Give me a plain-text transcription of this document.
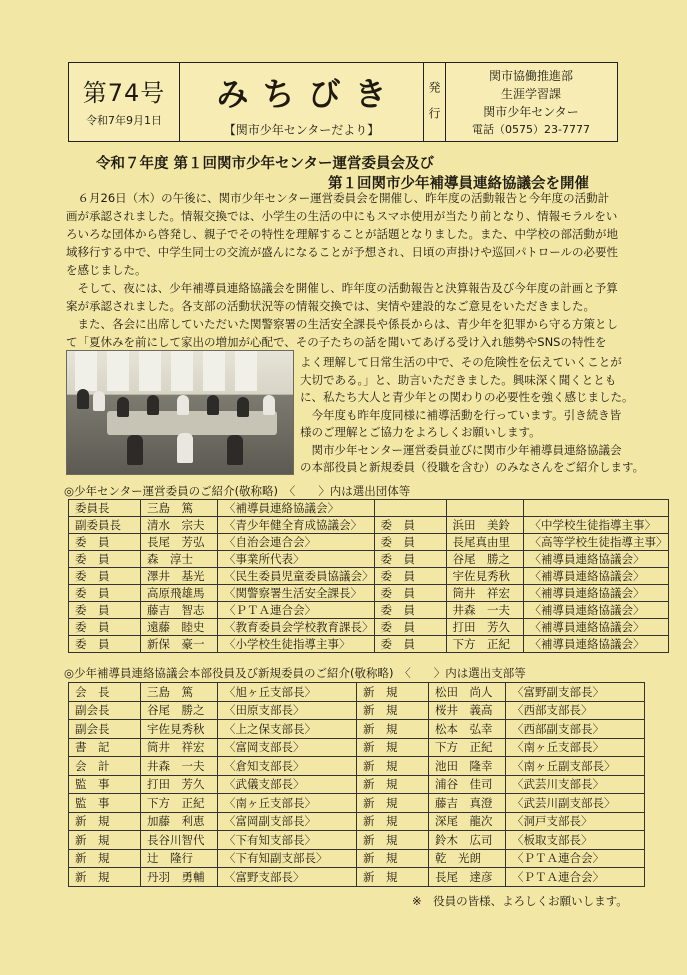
第74号
令和7年9月1日
みちびき
【関市少年センターだより】	発行
関市協働推進部
生涯学習課
関市少年センター
電話（0575）23-7777
令和７年度 第１回関市少年センター運営委員会及び
第１回関市少年補導員連絡協議会を開催
　６月26日（木）の午後に、関市少年センター運営委員会を開催し、昨年度の活動報告と今年度の活動計
画が承認されました。情報交換では、小学生の生活の中にもスマホ使用が当たり前となり、情報モラルをい
ろいろな団体から啓発し、親子でその特性を理解することが話題となりました。また、中学校の部活動が地
域移行する中で、中学生同士の交流が盛んになることが予想され、日頃の声掛けや巡回パトロールの必要性
を感じました。
　そして、夜には、少年補導員連絡協議会を開催し、昨年度の活動報告と決算報告及び今年度の計画と予算
案が承認されました。各支部の活動状況等の情報交換では、実情や建設的なご意見をいただきました。
　また、各会に出席していただいた関警察署の生活安全課長や係長からは、青少年を犯罪から守る方策とし
て「夏休みを前にして家出の増加が心配で、その子たちの話を聞いてあげる受け入れ態勢やSNSの特性を
よく理解して日常生活の中で、その危険性を伝えていくことが
大切である。」と、助言いただきました。興味深く聞くととも
に、私たち大人と青少年との関わりの必要性を強く感じました。
　今年度も昨年度同様に補導活動を行っています。引き続き皆
様のご理解とご協力をよろしくお願いします。
　関市少年センター運営委員並びに関市少年補導員連絡協議会
の本部役員と新規委員（役職を含む）のみなさんをご紹介します。
◎少年センター運営委員のご紹介(敬称略)　〈　　〉内は選出団体等
委員長	三島　篤	〈補導員連絡協議会〉			
副委員長	清水　宗夫	〈青少年健全育成協議会〉	委　員	浜田　美鈴	〈中学校生徒指導主事〉
委　員	長尾　芳弘	〈自治会連合会〉	委　員	長尾真由里	〈高等学校生徒指導主事〉
委　員	森　淳士	〈事業所代表〉	委　員	谷尾　勝之	〈補導員連絡協議会〉
委　員	澤井　基光	〈民生委員児童委員協議会〉	委　員	宇佐見秀秋	〈補導員連絡協議会〉
委　員	高原飛雄馬	〈関警察署生活安全課長〉	委　員	筒井　祥宏	〈補導員連絡協議会〉
委　員	藤吉　智志	〈ＰＴＡ連合会〉	委　員	井森　一夫	〈補導員連絡協議会〉
委　員	遠藤　睦史	〈教育委員会学校教育課長〉	委　員	打田　芳久	〈補導員連絡協議会〉
委　員	新保　豪一	〈小学校生徒指導主事〉	委　員	下方　正紀	〈補導員連絡協議会〉
◎少年補導員連絡協議会本部役員及び新規委員のご紹介(敬称略)　〈　　〉内は選出支部等
会　長	三島　篤	〈旭ヶ丘支部長〉	新　規	松田　尚人	〈富野副支部長〉
副会長	谷尾　勝之	〈田原支部長〉	新　規	桜井　義高	〈西部支部長〉
副会長	宇佐見秀秋	〈上之保支部長〉	新　規	松本　弘幸	〈西部副支部長〉
書　記	筒井　祥宏	〈富岡支部長〉	新　規	下方　正紀	〈南ヶ丘支部長〉
会　計	井森　一夫	〈倉知支部長〉	新　規	池田　隆幸	〈南ヶ丘副支部長〉
監　事	打田　芳久	〈武儀支部長〉	新　規	浦谷　佳司	〈武芸川支部長〉
監　事	下方　正紀	〈南ヶ丘支部長〉	新　規	藤吉　真澄	〈武芸川副支部長〉
新　規	加藤　利恵	〈富岡副支部長〉	新　規	深尾　龍次	〈洞戸支部長〉
新　規	長谷川智代	〈下有知支部長〉	新　規	鈴木　広司	〈板取支部長〉
新　規	辻　隆行	〈下有知副支部長〉	新　規	乾　光朗	〈ＰＴＡ連合会〉
新　規	丹羽　勇輔	〈富野支部長〉	新　規	長尾　達彦	〈ＰＴＡ連合会〉
※　役員の皆様、よろしくお願いします。
